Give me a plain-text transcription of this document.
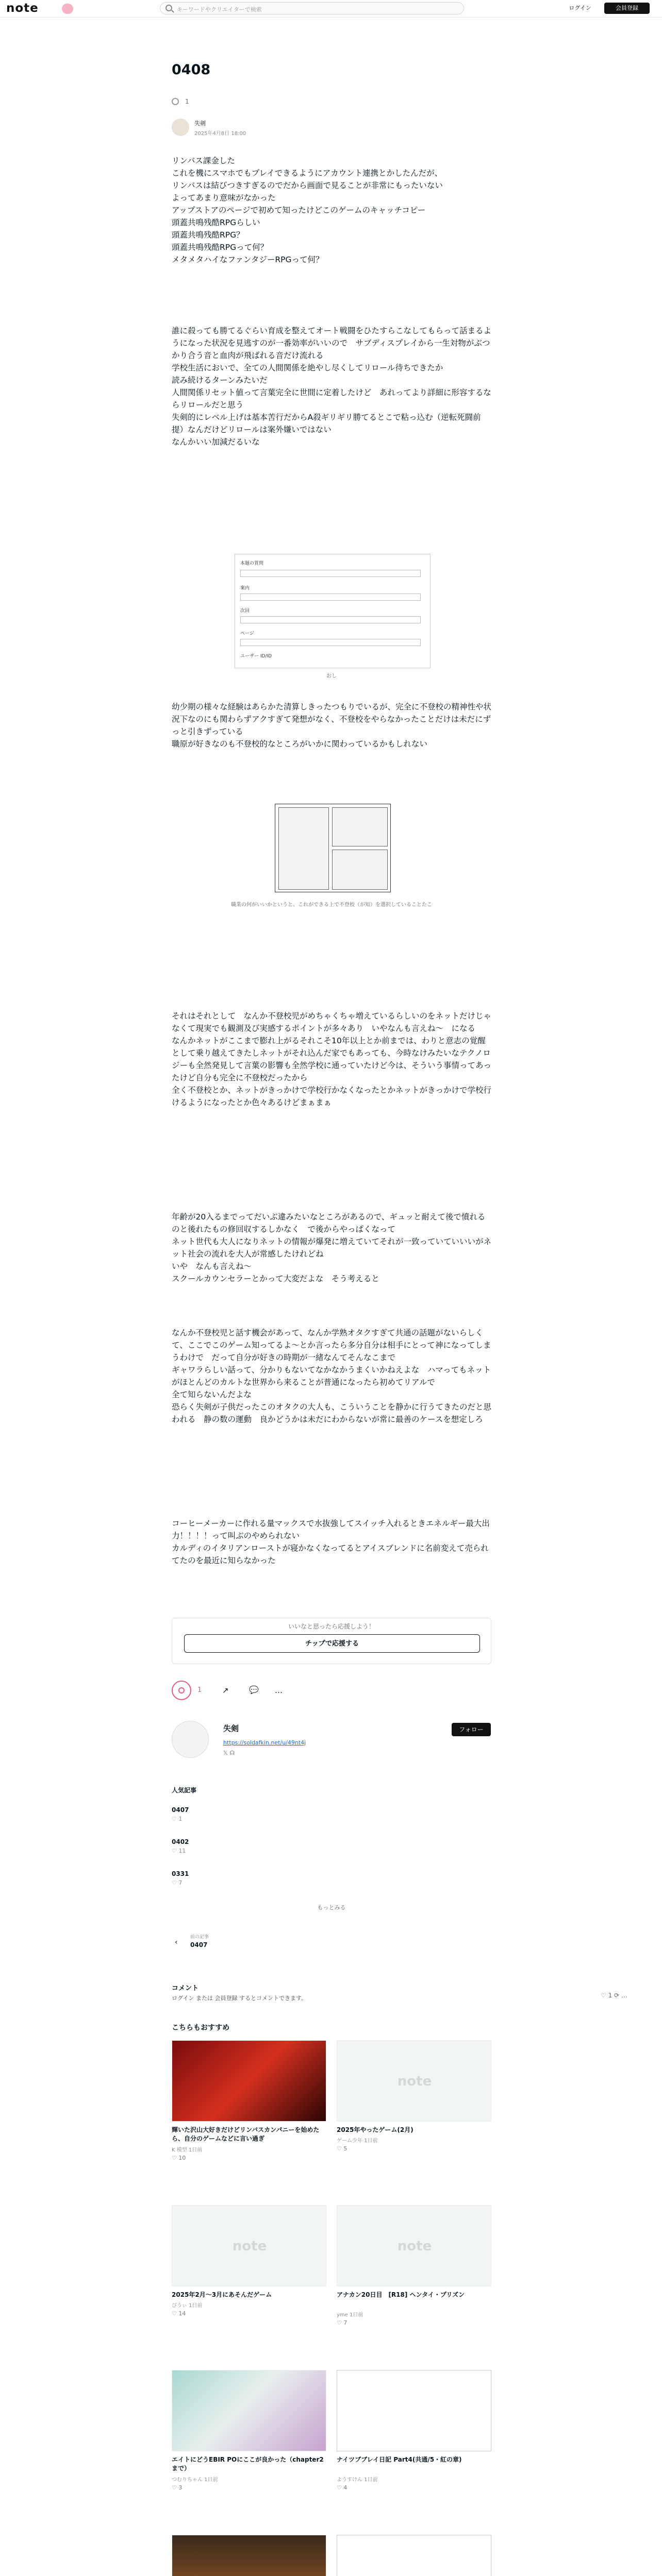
note	キーワードやクリエイターで検索	ログイン	会員登録
0408
1
失剣
2025年4月8日 18:00

リンバス課金した
これを機にスマホでもプレイできるようにアカウント連携とかしたんだが、
リンバスは結びつきすぎるのでだから画面で見ることが非常にもったいない
よってあまり意味がなかった
アップストアのページで初めて知ったけどこのゲームのキャッチコピー
頭蓋共鳴残酷RPGらしい
頭蓋共鳴残酷RPG？
頭蓋共鳴残酷RPGって何？
メタメタハイなファンタジーRPGって何？

誰に殺っても勝てるぐらい育成を整えてオート戦闘をひたすらこなしてもらって話まるようになった状況を見逃すのが一番効率がいいので　サブディスプレイから一生対物がぶつかり合う音と血肉が飛ばれる音だけ流れる
学校生活においで、全ての人間関係を絶やし尽くしてリロール待ちできたか
読み続けるターンみたいだ
人間関係リセット値って言葉完全に世間に定着したけど　あれってより詳細に形容するならリロールだと思う
失剣的にレベル上げは基本苦行だからA殺ギリギリ勝てるとこで粘っ込む（逆転死闘前提）なんだけどリロールは案外嫌いではない
なんかいい加減だるいな

本題の質問
案内
次回
ページ
ユーザー ID/ID
おし

幼少期の様々な経験はあらかた清算しきったつもりでいるが、完全に不登校の精神性や状況下なのにも関わらずアクすぎて発想がなく、不登校をやらなかったことだけは未だにずっと引きずっている
職原が好きなのも不登校的なところがいかに関わっているかもしれない

職業の何がいいかというと、これができる上で不登校（が知）を選択していることたこ

それはそれとして　なんか不登校児がめちゃくちゃ増えているらしいのをネットだけじゃなくて現実でも観測及び実感するポイントが多々あり　いやなんも言えね〜　になる
なんかネットがここまで膨れ上がるそれこそ10年以上とか前までは、わりと意志の覚醒として乗り越えてきたしネットがそれ込んだ家でもあっても、今時なけみたいなテクノロジーも全然発見して言葉の影響も全然学校に通っていたけど今は、そういう事情ってあったけど自分も完全に不登校だったから
全く不登校とか、ネットがきっかけで学校行かなくなったとかネットがきっかけで学校行けるようになったとか色々あるけどまぁまぁ

年齢が20入るまでってだいぶ違みたいなところがあるので、ギュッと耐えて後で憤れるのと後れたもの修回収するしかなく　で後からやっぱくなって
ネット世代も大人になりネットの情報が爆発に増えていてそれが一致っていていいいがネット社会の流れを大人が常感したけれどね
いや　なんも言えね〜
スクールカウンセラーとかって大変だよな　そう考えると

なんか不登校児と話す機会があって、なんか学熟オタクすぎて共通の話題がないらしくて、ここでこのゲーム知ってるよ〜とか言ったら多分自分は相手にとって神になってしまうわけで　だって自分が好きの時期が一緒なんてそんなこまで
ギャワラらしい話って、分かりもないてなかなかうまくいかねえよな　ハマってもネットがほとんどのカルトな世界から来ることが普通になったら初めてリアルで
全て知らないんだよな
恐らく失剣が子供だったこのオタクの大人も、こういうことを静かに行うてきたのだと思われる　静の数の運動　良かどうかは未だにわからないが常に最善のケースを想定しろ

コーヒーメーカーに作れる量マックスで水抜強してスイッチ入れるときエネルギー最大出力！！！！って叫ぶのやめられない
カルディのイタリアンローストが寝かなくなってるとアイスブレンドに名前変えて売られてたのを最近に知らなかった

いいなと思ったら応援しよう！
チップで応援する
1	↗	💬 …
失剣
https://soldafkin.net/u/49nt4j
𝕏 ☊
フォロー
人気記事
0407
♡ 1
0402
♡ 11
0331
♡ 7
もっとみる
‹
前の記事
0407
コメント
ログイン または 会員登録 するとコメントできます。
こちらもおすすめ
輝いた沢山大好きだけどリンバスカンパニーを始めたら、自分のゲームなどに言い過ぎ
K 模型 1日前
♡ 10
note
2025年やったゲーム(2月)
ゲーム少年 1日前
♡ 5
note
2025年2月～3月にあそんだゲーム
ぴうぃ 1日前
♡ 14
note
アナカン20日目　[R18] ヘンタイ・プリズン
yme 1日前
♡ 7
エイトにどうEBIR POにここが良かった（chapter2まで）
つむりちゃん 1日前
♡ 3
ナイツブブレイ日記 Part4(共通/5・紅の章)
ようすけん 1日前
♡ 4
♡ 1 ⟳ …
